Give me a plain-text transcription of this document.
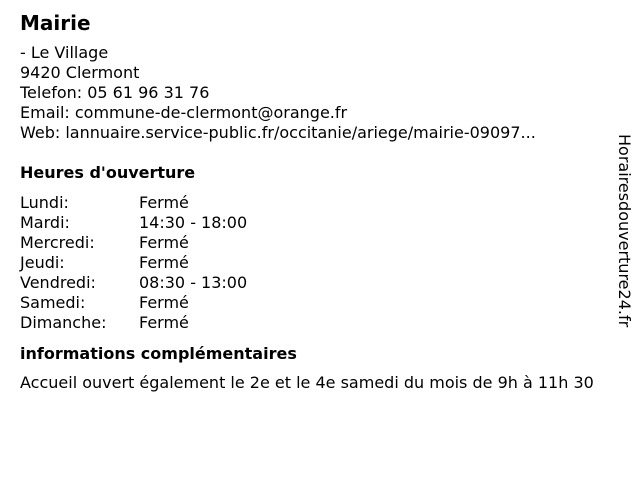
Mairie
- Le Village
9420 Clermont
Telefon: 05 61 96 31 76
Email: commune-de-clermont@orange.fr
Web: lannuaire.service-public.fr/occitanie/ariege/mairie-09097...
Heures d'ouverture
Lundi:	Fermé
Mardi:	14:30 - 18:00
Mercredi:	Fermé
Jeudi:	Fermé
Vendredi:	08:30 - 13:00
Samedi:	Fermé
Dimanche:	Fermé
informations complémentaires
Accueil ouvert également le 2e et le 4e samedi du mois de 9h à 11h 30
Horairesdouverture24.fr
